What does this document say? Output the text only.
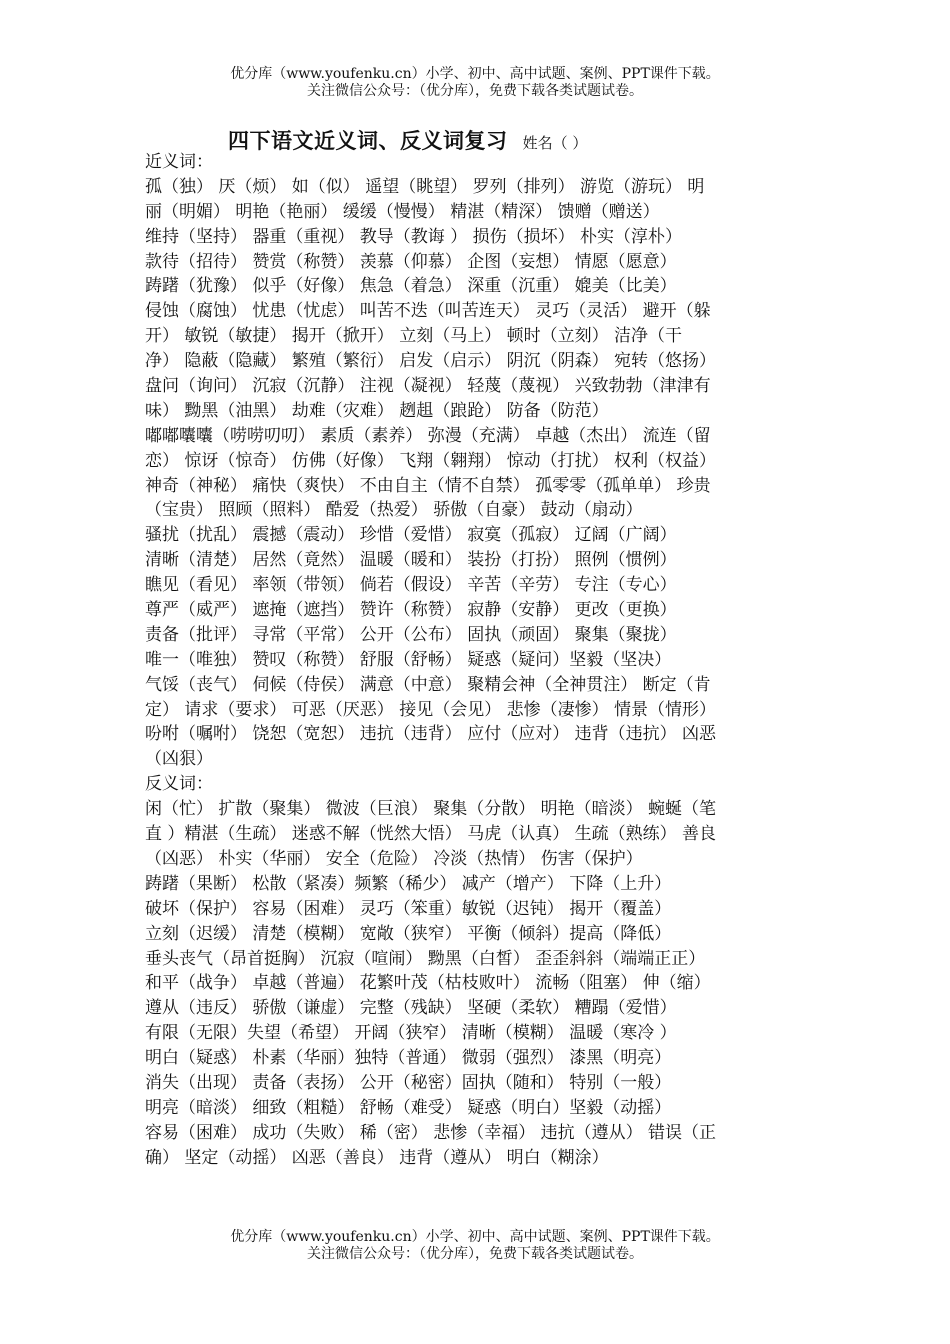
优分库（www.youfenku.cn）小学、初中、高中试题、案例、PPT课件下载。
关注微信公众号：（优分库），免费下载各类试题试卷。
四下语文近义词、反义词复习 姓名（ ）
近义词：
孤（独） 厌（烦） 如（似） 遥望（眺望） 罗列（排列） 游览（游玩） 明
丽（明媚） 明艳（艳丽） 缓缓（慢慢） 精湛（精深） 馈赠（赠送）
维持（坚持） 器重（重视） 教导（教诲 ） 损伤（损坏） 朴实（淳朴）
款待（招待） 赞赏（称赞） 羡慕（仰慕） 企图（妄想） 情愿（愿意）
踌躇（犹豫） 似乎（好像） 焦急（着急） 深重（沉重） 媲美（比美）
侵蚀（腐蚀） 忧患（忧虑） 叫苦不迭（叫苦连天） 灵巧（灵活） 避开（躲
开） 敏锐（敏捷） 揭开（掀开） 立刻（马上） 顿时（立刻） 洁净（干
净） 隐蔽（隐藏） 繁殖（繁衍） 启发（启示） 阴沉（阴森） 宛转（悠扬）
盘问（询问） 沉寂（沉静） 注视（凝视） 轻蔑（蔑视） 兴致勃勃（津津有
味） 黝黑（油黑） 劫难（灾难） 趔趄（踉跄） 防备（防范）
嘟嘟囔囔（唠唠叨叨） 素质（素养） 弥漫（充满） 卓越（杰出） 流连（留
恋） 惊讶（惊奇） 仿佛（好像） 飞翔（翱翔） 惊动（打扰） 权利（权益）
神奇（神秘） 痛快（爽快） 不由自主（情不自禁） 孤零零（孤单单） 珍贵
（宝贵） 照顾（照料） 酷爱（热爱） 骄傲（自豪） 鼓动（扇动）
骚扰（扰乱） 震撼（震动） 珍惜（爱惜） 寂寞（孤寂） 辽阔（广阔）
清晰（清楚） 居然（竟然） 温暖（暖和） 装扮（打扮） 照例（惯例）
瞧见（看见） 率领（带领） 倘若（假设） 辛苦（辛劳） 专注（专心）
尊严（威严） 遮掩（遮挡） 赞许（称赞） 寂静（安静） 更改（更换）
责备（批评） 寻常（平常） 公开（公布） 固执（顽固） 聚集（聚拢）
唯一（唯独） 赞叹（称赞） 舒服（舒畅） 疑惑（疑问）坚毅（坚决）
气馁（丧气） 伺候（侍侯） 满意（中意） 聚精会神（全神贯注） 断定（肯
定） 请求（要求） 可恶（厌恶） 接见（会见） 悲惨（凄惨） 情景（情形）
吩咐（嘱咐） 饶恕（宽恕） 违抗（违背） 应付（应对） 违背（违抗） 凶恶
（凶狠）
反义词：
闲（忙） 扩散（聚集） 微波（巨浪） 聚集（分散） 明艳（暗淡） 蜿蜒（笔
直 ）精湛（生疏） 迷惑不解（恍然大悟） 马虎（认真） 生疏（熟练） 善良
（凶恶） 朴实（华丽） 安全（危险） 冷淡（热情） 伤害（保护）
踌躇（果断） 松散（紧凑）频繁（稀少） 减产（增产） 下降（上升）
破坏（保护） 容易（困难） 灵巧（笨重）敏锐（迟钝） 揭开（覆盖）
立刻（迟缓） 清楚（模糊） 宽敞（狭窄） 平衡（倾斜）提高（降低）
垂头丧气（昂首挺胸） 沉寂（喧闹） 黝黑（白皙） 歪歪斜斜（端端正正）
和平（战争） 卓越（普遍） 花繁叶茂（枯枝败叶） 流畅（阻塞） 伸（缩）
遵从（违反） 骄傲（谦虚） 完整（残缺） 坚硬（柔软） 糟蹋（爱惜）
有限（无限）失望（希望） 开阔（狭窄） 清晰（模糊） 温暖（寒冷 ）
明白（疑惑） 朴素（华丽）独特（普通） 微弱（强烈） 漆黑（明亮）
消失（出现） 责备（表扬） 公开（秘密）固执（随和） 特别（一般）
明亮（暗淡） 细致（粗糙） 舒畅（难受） 疑惑（明白）坚毅（动摇）
容易（困难） 成功（失败） 稀（密） 悲惨（幸福） 违抗（遵从） 错误（正
确） 坚定（动摇） 凶恶（善良） 违背（遵从） 明白（糊涂）
优分库（www.youfenku.cn）小学、初中、高中试题、案例、PPT课件下载。
关注微信公众号：（优分库），免费下载各类试题试卷。
